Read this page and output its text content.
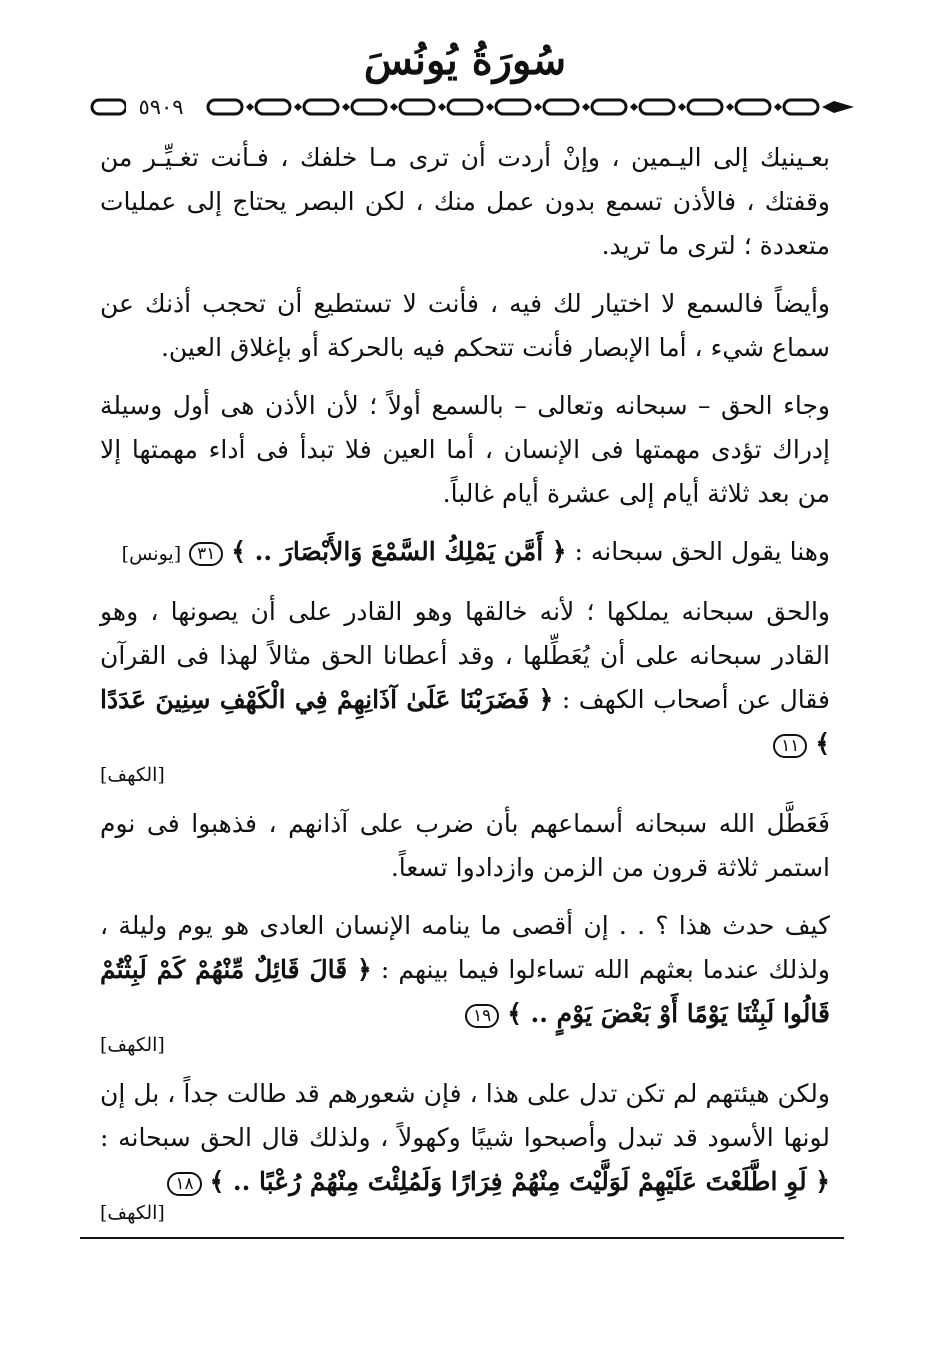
سُورَةُ يُونُسَ
٥٩٠٩

بعـينيك إلى اليـمين ، وإنْ أردت أن ترى مـا خلفك ، فـأنت تغـيِّـر من وقفتك ، فالأذن تسمع بدون عمل منك ، لكن البصر يحتاج إلى عمليات متعددة ؛ لترى ما تريد.

وأيضاً فالسمع لا اختيار لك فيه ، فأنت لا تستطيع أن تحجب أذنك عن سماع شيء ، أما الإبصار فأنت تتحكم فيه بالحركة أو بإغلاق العين.

وجاء الحق – سبحانه وتعالى – بالسمع أولاً ؛ لأن الأذن هى أول وسيلة إدراك تؤدى مهمتها فى الإنسان ، أما العين فلا تبدأ فى أداء مهمتها إلا من بعد ثلاثة أيام إلى عشرة أيام غالباً.

وهنا يقول الحق سبحانه : ﴿ أَمَّن يَمْلِكُ السَّمْعَ وَالأَبْصَارَ .. ﴾ ٣١ [يونس]

والحق سبحانه يملكها ؛ لأنه خالقها وهو القادر على أن يصونها ، وهو القادر سبحانه على أن يُعَطِّلها ، وقد أعطانا الحق مثالاً لهذا فى القرآن فقال عن أصحاب الكهف : ﴿ فَضَرَبْنَا عَلَىٰ آذَانِهِمْ فِي الْكَهْفِ سِنِينَ عَدَدًا ﴾ ١١
[الكهف]

فَعَطَّل الله سبحانه أسماعهم بأن ضرب على آذانهم ، فذهبوا فى نوم استمر ثلاثة قرون من الزمن وازدادوا تسعاً.

كيف حدث هذا ؟ . . إن أقصى ما ينامه الإنسان العادى هو يوم وليلة ، ولذلك عندما بعثهم الله تساءلوا فيما بينهم : ﴿ قَالَ قَائِلٌ مِّنْهُمْ كَمْ لَبِثْتُمْ قَالُوا لَبِثْنَا يَوْمًا أَوْ بَعْضَ يَوْمٍ .. ﴾ ١٩
[الكهف]

ولكن هيئتهم لم تكن تدل على هذا ، فإن شعورهم قد طالت جداً ، بل إن لونها الأسود قد تبدل وأصبحوا شيبًا وكهولاً ، ولذلك قال الحق سبحانه : ﴿ لَوِ اطَّلَعْتَ عَلَيْهِمْ لَوَلَّيْتَ مِنْهُمْ فِرَارًا وَلَمُلِئْتَ مِنْهُمْ رُعْبًا .. ﴾ ١٨
[الكهف]
